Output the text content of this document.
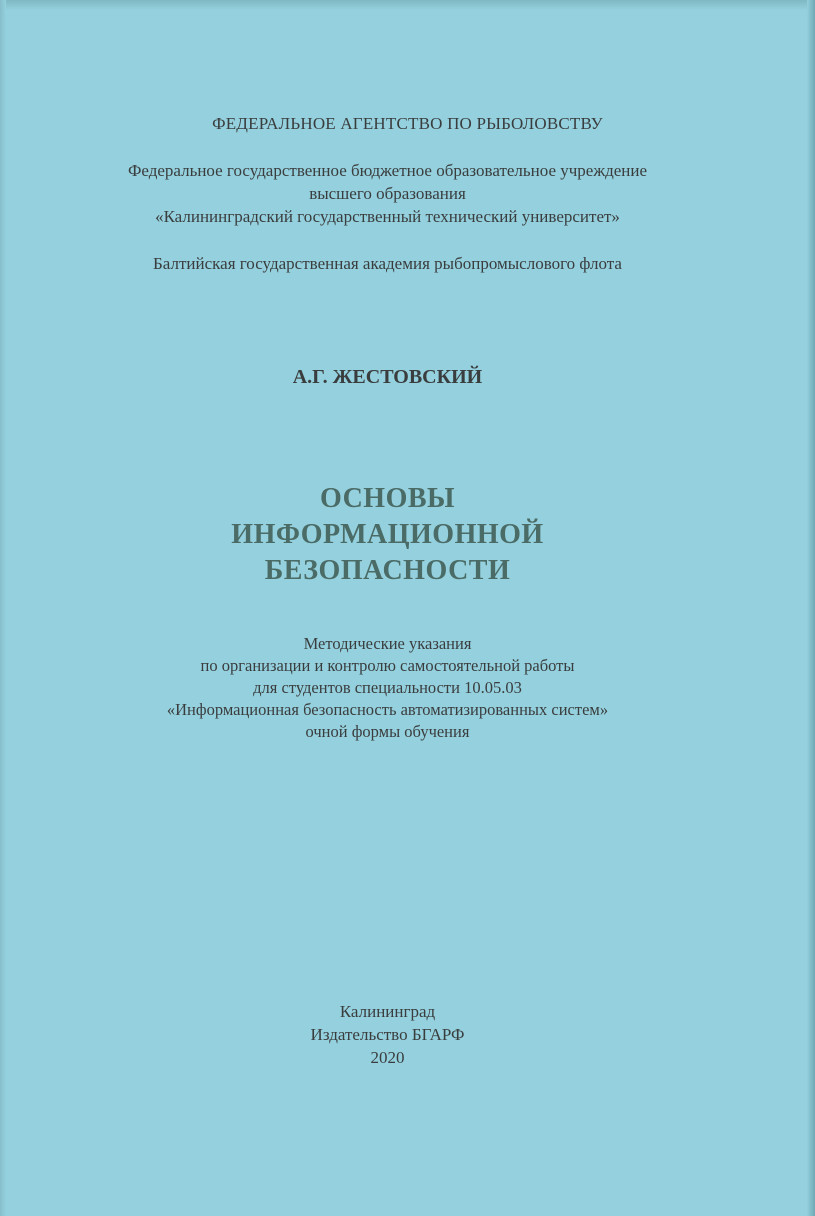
ФЕДЕРАЛЬНОЕ АГЕНТСТВО ПО РЫБОЛОВСТВУ
Федеральное государственное бюджетное образовательное учреждение
высшего образования
«Калининградский государственный технический университет»
Балтийская государственная академия рыбопромыслового флота
А.Г. ЖЕСТОВСКИЙ
ОСНОВЫ
ИНФОРМАЦИОННОЙ
БЕЗОПАСНОСТИ
Методические указания
по организации и контролю самостоятельной работы
для студентов специальности 10.05.03
«Информационная безопасность автоматизированных систем»
очной формы обучения
Калининград
Издательство БГАРФ
2020
